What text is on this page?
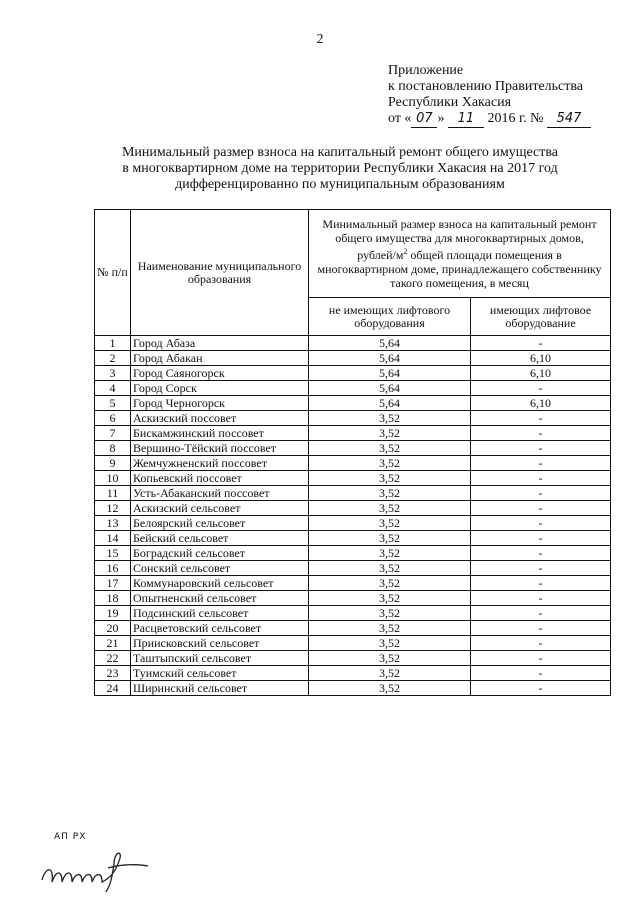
2
Приложение
к постановлению Правительства
Республики Хакасия
от « 07 » 11 2016 г. № 547
Минимальный размер взноса на капитальный ремонт общего имущества
в многоквартирном доме на территории Республики Хакасия на 2017 год
дифференцированно по муниципальным образованиям
№ п/п	Наименование муниципального образования	Минимальный размер взноса на капитальный ремонт общего имущества для многоквартирных домов, рублей/$м^2$ общей площади помещения в многоквартирном доме, принадлежащего собственнику такого помещения, в месяц	
		не имеющих лифтового оборудования	имеющих лифтовое оборудование
1	Город Абаза	5,64	-
2	Город Абакан	5,64	6,10
3	Город Саяногорск	5,64	6,10
4	Город Сорск	5,64	-
5	Город Черногорск	5,64	6,10
6	Аскизский поссовет	3,52	-
7	Бискамжинский поссовет	3,52	-
8	Вершино-Тёйский поссовет	3,52	-
9	Жемчужненский поссовет	3,52	-
10	Копьевский поссовет	3,52	-
11	Усть-Абаканский поссовет	3,52	-
12	Аскизский сельсовет	3,52	-
13	Белоярский сельсовет	3,52	-
14	Бейский сельсовет	3,52	-
15	Боградский сельсовет	3,52	-
16	Сонский сельсовет	3,52	-
17	Коммунаровский сельсовет	3,52	-
18	Опытненский сельсовет	3,52	-
19	Подсинский сельсовет	3,52	-
20	Расцветовский сельсовет	3,52	-
21	Приисковский сельсовет	3,52	-
22	Таштыпский сельсовет	3,52	-
23	Туимский сельсовет	3,52	-
24	Ширинский сельсовет	3,52	-
АП РХ
